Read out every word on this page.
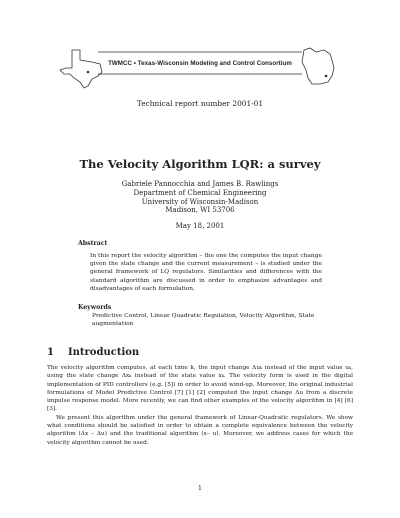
TWMCC • Texas-Wisconsin Modeling and Control Consortium
Technical report number 2001-01
The Velocity Algorithm LQR: a survey
Gabriele Pannocchia and James B. Rawlings
Department of Chemical Engineering
University of Wisconsin-Madison
Madison, WI 53706
May 18, 2001
Abstract
In this report the velocity algorithm – the one the computes the input change given the state change and the current measurement – is studied under the general framework of LQ regulators. Similarities and differences with the standard algorithm are discussed in order to emphasize advantages and disadvantages of each formulation.
Keywords
Predictive Control, Linear Quadratic Regulation, Velocity Algorithm, State augmentation
1 Introduction

The velocity algorithm computes, at each time k, the input change Δuₖ instead of the input value uₖ, using the state change Δxₖ instead of the state value xₖ. The velocity form is used in the digital implementation of PID controllers (e.g. [5]) in order to avoid wind-up. Moreover, the original industrial formulations of Model Predictive Control [7] [1] [2] computed the input change Δu from a discrete impulse response model. More recently, we can find other examples of the velocity algorithm in [4] [6] [3].

We present this algorithm under the general framework of Linear-Quadratic regulators. We show what conditions should be satisfied in order to obtain a complete equivalence between the velocity algorithm (Δx – Δu) and the traditional algorithm (x– u). Moreover, we address cases for which the velocity algorithm cannot be used.

1
